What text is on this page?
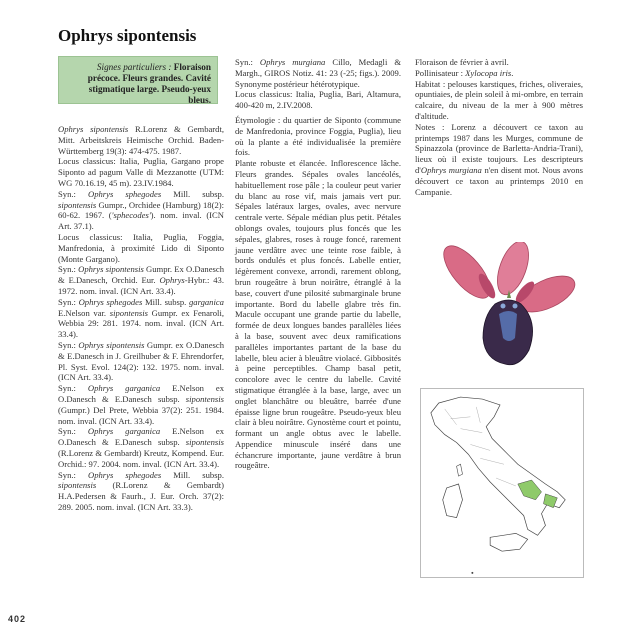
Ophrys sipontensis
Signes particuliers : Floraison précoce. Fleurs grandes. Cavité stigmatique large. Pseudo-yeux bleus.

Ophrys sipontensis R.Lorenz & Gembardt, Mitt. Arbeitskreis Heimische Orchid. Baden-Württemberg 19(3): 474-475. 1987.

Locus classicus: Italia, Puglia, Gargano prope Siponto ad pagum Valle di Mezzanotte (UTM: WG 70.16.19, 45 m). 23.IV.1984.

Syn.: Ophrys sphegodes Mill. subsp. sipontensis Gumpr., Orchidee (Hamburg) 18(2): 60-62. 1967. ('sphecodes'). nom. inval. (ICN Art. 37.1).

Locus classicus: Italia, Puglia, Foggia, Manfredonia, à proximité Lido di Siponto (Monte Gargano).

Syn.: Ophrys sipontensis Gumpr. Ex O.Danesch & E.Danesch, Orchid. Eur. Ophrys-Hybr.: 43. 1972. nom. inval. (ICN Art. 33.4).

Syn.: Ophrys sphegodes Mill. subsp. garganica E.Nelson var. sipontensis Gumpr. ex Fenaroli, Webbia 29: 281. 1974. nom. inval. (ICN Art. 33.4).

Syn.: Ophrys sipontensis Gumpr. ex O.Danesch & E.Danesch in J. Greilhuber & F. Ehrendorfer, Pl. Syst. Evol. 124(2): 132. 1975. nom. inval. (ICN Art. 33.4).

Syn.: Ophrys garganica E.Nelson ex O.Danesch & E.Danesch subsp. sipontensis (Gumpr.) Del Prete, Webbia 37(2): 251. 1984. nom. inval. (ICN Art. 33.4).

Syn.: Ophrys garganica E.Nelson ex O.Danesch & E.Danesch subsp. sipontensis (R.Lorenz & Gembardt) Kreutz, Kompend. Eur. Orchid.: 97. 2004. nom. inval. (ICN Art. 33.4).

Syn.: Ophrys sphegodes Mill. subsp. sipontensis (R.Lorenz & Gembardt) H.A.Pedersen & Faurh., J. Eur. Orch. 37(2): 289. 2005. nom. inval. (ICN Art. 33.3).

Syn.: Ophrys murgiana Cillo, Medagli & Margh., GIROS Notiz. 41: 23 (-25; figs.). 2009. Synonyme postérieur hétérotypique.

Locus classicus: Italia, Puglia, Bari, Altamura, 400-420 m, 2.IV.2008.

Étymologie : du quartier de Siponto (commune de Manfredonia, province Foggia, Puglia), lieu où la plante a été individualisée la première fois.

Plante robuste et élancée. Inflorescence lâche. Fleurs grandes. Sépales ovales lancéolés, habituellement rose pâle ; la couleur peut varier du blanc au rose vif, mais jamais vert pur. Sépales latéraux larges, ovales, avec nervure centrale verte. Sépale médian plus petit. Pétales oblongs ovales, toujours plus foncés que les sépales, glabres, roses à rouge foncé, rarement jaune verdâtre avec une teinte rose faible, à bords ondulés et plus foncés. Labelle entier, légèrement convexe, arrondi, rarement oblong, brun rougeâtre à brun noirâtre, étranglé à la base, couvert d'une pilosité submarginale brune importante. Bord du labelle glabre très fin. Macule occupant une grande partie du labelle, formée de deux longues bandes parallèles liées à la base, souvent avec deux ramifications parallèles importantes partant de la base du labelle, bleu acier à bleuâtre violacé. Gibbosités à peine perceptibles. Champ basal petit, concolore avec le centre du labelle. Cavité stigmatique étranglée à la base, large, avec un onglet blanchâtre ou bleuâtre, barrée d'une épaisse ligne brun rougeâtre. Pseudo-yeux bleu clair à bleu noirâtre. Gynostème court et pointu, formant un angle obtus avec le labelle. Appendice minuscule inséré dans une échancrure importante, jaune verdâtre à brun rougeâtre.

Floraison de février à avril.

Pollinisateur : Xylocopa iris.

Habitat : pelouses karstiques, friches, oliveraies, opuntiaies, de plein soleil à mi-ombre, en terrain calcaire, du niveau de la mer à 900 mètres d'altitude.

Notes : Lorenz a découvert ce taxon au printemps 1987 dans les Murges, commune de Spinazzola (province de Barletta-Andria-Trani), lieux où il existe toujours. Les descripteurs d'Ophrys murgiana n'en disent mot. Nous avons découvert ce taxon au printemps 2010 en Campanie.

402
